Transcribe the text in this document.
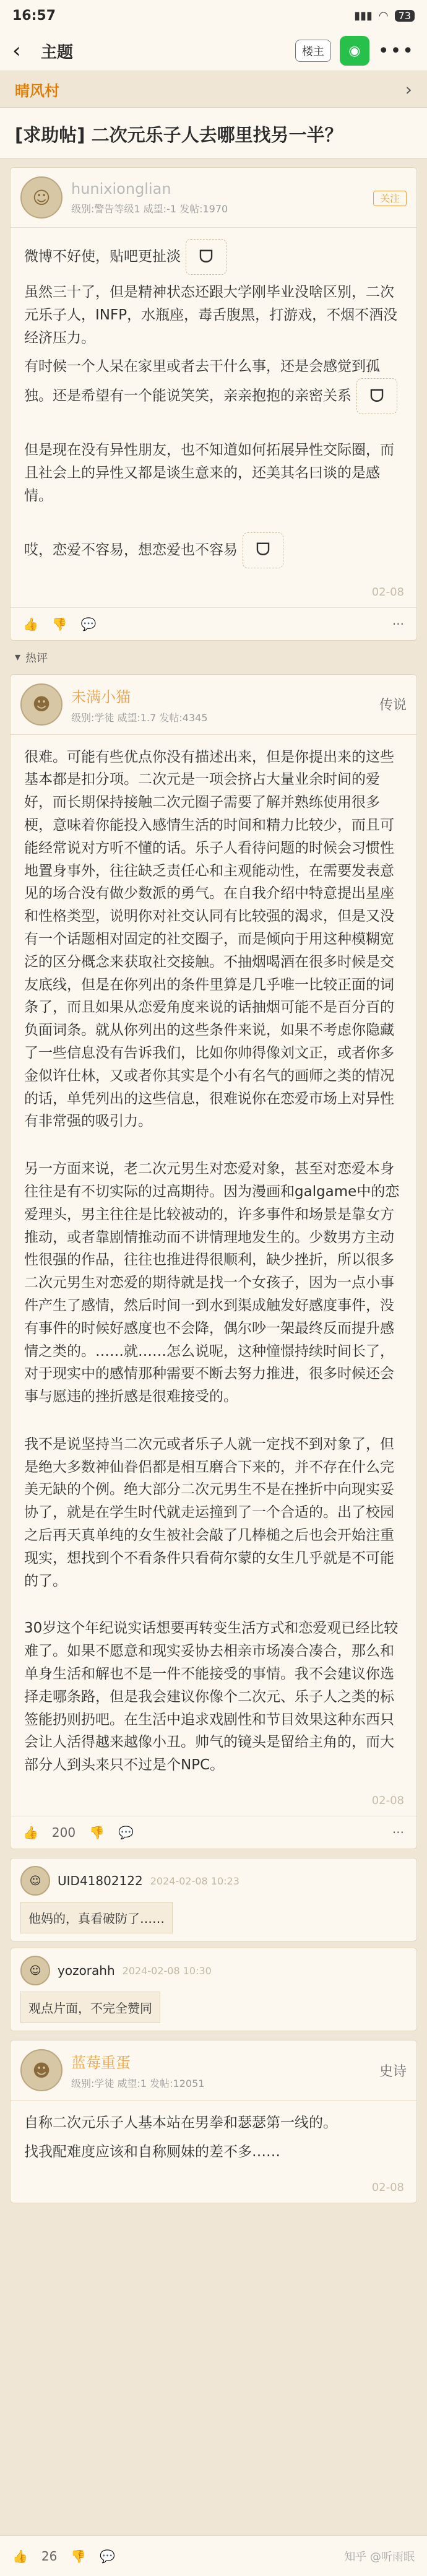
16:57	▮▮▮ ◠	73
‹	主题	楼主	◉ •••
晴风村	›
[求助帖] 二次元乐子人去哪里找另一半？
☺	hunixionglian
级别:警告等级1 威望:-1 发帖:1970
关注

微博不好使，贴吧更扯淡 ᗜ

虽然三十了，但是精神状态还跟大学刚毕业没啥区别，二次元乐子人，INFP，水瓶座，毒舌腹黑，打游戏，不烟不酒没经济压力。

有时候一个人呆在家里或者去干什么事，还是会感觉到孤独。还是希望有一个能说笑笑，亲亲抱抱的亲密关系 ᗜ

但是现在没有异性朋友，也不知道如何拓展异性交际圈，而且社会上的异性又都是谈生意来的，还美其名曰谈的是感情。

哎，恋爱不容易，想恋爱也不容易 ᗜ

02-08
👍 👎 💬	···
▾ 热评
☻	未满小猫
级别:学徒 威望:1.7 发帖:4345
传说

很难。可能有些优点你没有描述出来，但是你提出来的这些基本都是扣分项。二次元是一项会挤占大量业余时间的爱好，而长期保持接触二次元圈子需要了解并熟练使用很多梗，意味着你能投入感情生活的时间和精力比较少，而且可能经常说对方听不懂的话。乐子人看待问题的时候会习惯性地置身事外，往往缺乏责任心和主观能动性，在需要发表意见的场合没有做少数派的勇气。在自我介绍中特意提出星座和性格类型，说明你对社交认同有比较强的渴求，但是又没有一个话题相对固定的社交圈子，而是倾向于用这种模糊宽泛的区分概念来获取社交接触。不抽烟喝酒在很多时候是交友底线，但是在你列出的条件里算是几乎唯一比较正面的词条了，而且如果从恋爱角度来说的话抽烟可能不是百分百的负面词条。就从你列出的这些条件来说，如果不考虑你隐藏了一些信息没有告诉我们，比如你帅得像刘文正，或者你多金似许仕林，又或者你其实是个小有名气的画师之类的情况的话，单凭列出的这些信息，很难说你在恋爱市场上对异性有非常强的吸引力。

另一方面来说，老二次元男生对恋爱对象，甚至对恋爱本身往往是有不切实际的过高期待。因为漫画和galgame中的恋爱理头，男主往往是比较被动的，许多事件和场景是靠女方推动，或者靠剧情推动而不讲情理地发生的。少数男方主动性很强的作品，往往也推进得很顺利，缺少挫折，所以很多二次元男生对恋爱的期待就是找一个女孩子，因为一点小事件产生了感情，然后时间一到水到渠成触发好感度事件，没有事件的时候好感度也不会降，偶尔吵一架最终反而提升感情之类的。……就……怎么说呢，这种憧憬持续时间长了，对于现实中的感情那种需要不断去努力推进，很多时候还会事与愿违的挫折感是很难接受的。

我不是说坚持当二次元或者乐子人就一定找不到对象了，但是绝大多数神仙眷侣都是相互磨合下来的，并不存在什么完美无缺的个例。绝大部分二次元男生不是在挫折中向现实妥协了，就是在学生时代就走运撞到了一个合适的。出了校园之后再天真单纯的女生被社会敲了几棒槌之后也会开始注重现实，想找到个不看条件只看荷尔蒙的女生几乎就是不可能的了。

30岁这个年纪说实话想要再转变生活方式和恋爱观已经比较难了。如果不愿意和现实妥协去相亲市场凑合凑合，那么和单身生活和解也不是一件不能接受的事情。我不会建议你选择走哪条路，但是我会建议你像个二次元、乐子人之类的标签能扔则扔吧。在生活中追求戏剧性和节目效果这种东西只会让人活得越来越像小丑。帅气的镜头是留给主角的，而大部分人到头来只不过是个NPC。

02-08
👍 200 👎 💬	···
☺	UID41802122 2024-02-08 10:23
他妈的，真看破防了……
☺	yozorahh 2024-02-08 10:30
观点片面，不完全赞同
☻	蓝莓重蛋
级别:学徒 威望:1 发帖:12051
史诗

自称二次元乐子人基本站在男拳和瑟瑟第一线的。

找我配难度应该和自称厕妹的差不多……

02-08
👍 26 👎 💬	知乎 @听雨眠
